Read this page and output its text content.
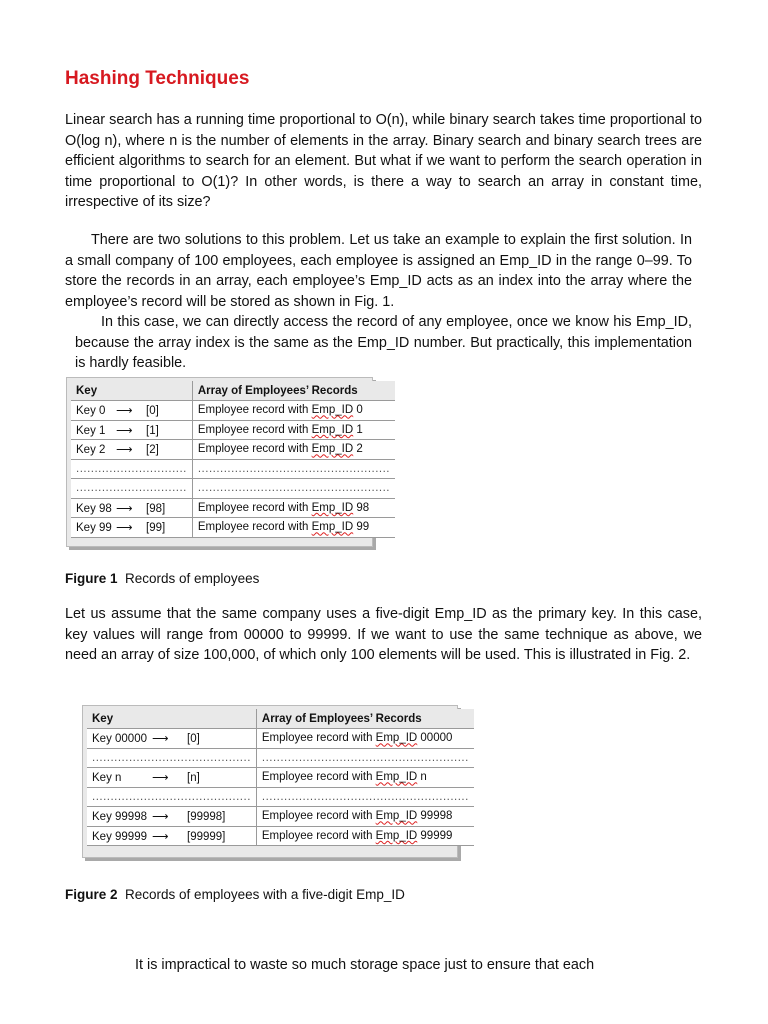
Hashing Techniques

Linear search has a running time proportional to O(n), while binary search takes time proportional to O(log n), where n is the number of elements in the array. Binary search and binary search trees are efficient algorithms to search for an element. But what if we want to perform the search operation in time proportional to O(1)? In other words, is there a way to search an array in constant time, irrespective of its size?

There are two solutions to this problem. Let us take an example to explain the first solution. In a small company of 100 employees, each employee is assigned an Emp_ID in the range 0–99. To store the records in an array, each employee’s Emp_ID acts as an index into the array where the employee’s record will be stored as shown in Fig. 1.

In this case, we can directly access the record of any employee, once we know his Emp_ID, because the array index is the same as the Emp_ID number. But practically, this implementation is hardly feasible.

Key	Array of Employees’ Records
Key 0 ⟶ [0]	Employee record with Emp_ID 0
Key 1 ⟶ [1]	Employee record with Emp_ID 1
Key 2 ⟶ [2]	Employee record with Emp_ID 2
..............................	....................................................
..............................	....................................................
Key 98 ⟶ [98]	Employee record with Emp_ID 98
Key 99 ⟶ [99]	Employee record with Emp_ID 99

Figure 1 Records of employees

Let us assume that the same company uses a five-digit Emp_ID as the primary key. In this case, key values will range from 00000 to 99999. If we want to use the same technique as above, we need an array of size 100,000, of which only 100 elements will be used. This is illustrated in Fig. 2.

Key	Array of Employees’ Records
Key 00000 ⟶ [0]	Employee record with Emp_ID 00000
...........................................	........................................................
Key n ⟶ [n]	Employee record with Emp_ID n
...........................................	........................................................
Key 99998 ⟶ [99998]	Employee record with Emp_ID 99998
Key 99999 ⟶ [99999]	Employee record with Emp_ID 99999

Figure 2 Records of employees with a five-digit Emp_ID

It is impractical to waste so much storage space just to ensure that each
